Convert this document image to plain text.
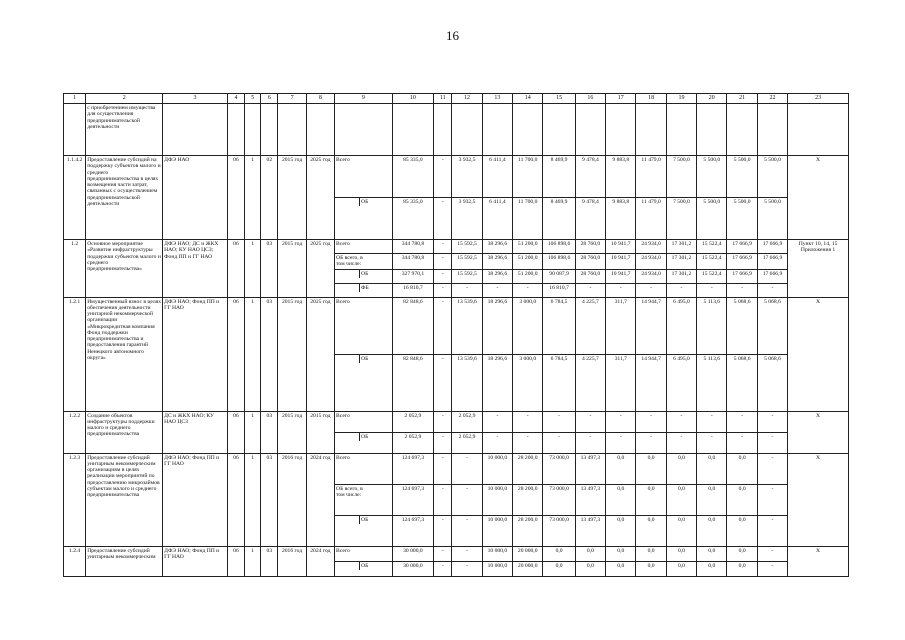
16
1	2	3	4	5	6	7	8	9	10	11	12	13	14	15	16	17	18	19	20	21	22	23
	с приобретением имущества для осуществления предпринимательской деятельности							

1.1.4.2	Предоставление субсидий на поддержку субъектов малого и среднего предпринимательства в целях возмещения части затрат, связанных с осуществлением предпринимательской деятельности	ДФЭ НАО	06	1	02	2015 год	2025 год	Всего	85 335,0	-	3 932,5	6 411,4	11 700,0	8 469,9	9 478,4	9 883,8	11 479,0	7 500,0	5 500,0	5 500,0	5 500,0	X

								ОБ	85 335,0	-	3 932,5	6 411,4	11 700,0	8 469,9	9 478,4	9 883,8	11 479,0	7 500,0	5 500,0	5 500,0	5 500,0	
1.2	Основное мероприятие «Развитие инфраструктуры поддержки субъектов малого и среднего предпринимательства»	ДФЭ НАО; ДС и ЖКХ НАО; КУ НАО ЦСЗ; Фонд ПП и ГГ НАО	06	1	03	2015 год	2025 год	Всего	344 780,8	-	15 592,5	38 296,6	51 200,0	106 898,6	28 760,0	10 941,7	24 934,0	17 301,2	15 522,4	17 666,9	17 666,9	Пункт 10, 14, 15 Приложения 1

								ОБ всего, в том числе:	344 780,8	-	15 592,5	38 296,6	51 200,0	106 898,6	28 760,0	10 941,7	24 934,0	17 301,2	15 522,4	17 666,9	17 666,9	

								ОБ	327 970,1	-	15 592,5	38 296,6	51 200,0	90 087,9	28 760,0	10 941,7	24 934,0	17 301,2	15 522,4	17 666,9	17 666,9	

								ФБ	16 810,7	-	-	-	-	16 810,7	-	-	-	-	-	-	-	
1.2.1	Имущественный взнос в целях обеспечения деятельности унитарной некоммерческой организации «Микрокредитная компания Фонд поддержки предпринимательства и предоставления гарантий Ненецкого автономного округа»	ДФЭ НАО; Фонд ПП и ГГ НАО	06	1	03	2015 год	2025 год	Всего	82 848,6	-	13 539,6	18 296,6	3 000,0	6 784,5	4 225,7	311,7	14 944,7	6 495,0	5 113,6	5 068,6	5 068,6	X

								ОБ	82 848,6	-	13 539,6	18 296,6	3 000,0	6 784,5	4 225,7	311,7	14 944,7	6 495,0	5 113,6	5 068,6	5 068,6	
1.2.2	Создание объектов инфраструктуры поддержки малого и среднего предпринимательства	ДС и ЖКХ НАО; КУ НАО ЦСЗ	06	1	03	2015 год	2015 год	Всего	2 052,9	-	2 052,9	-	-	-	-	-	-	-	-	-	-	X

								ОБ	2 052,9	-	2 052,9	-	-	-	-	-	-	-	-	-	-	
1.2.3	Предоставление субсидий унитарным некоммерческим организациям в целях реализации мероприятий по предоставлению микрозаймов субъектам малого и среднего предпринимательства	ДФЭ НАО; Фонд ПП и ГГ НАО	06	1	03	2016 год	2024 год	Всего	124 697,3	-	-	10 000,0	28 200,0	73 000,0	13 497,3	0,0	0,0	0,0	0,0	0,0	-	X

								ОБ всего, в том числе:	124 697,3	-	-	10 000,0	28 200,0	73 000,0	13 497,3	0,0	0,0	0,0	0,0	0,0	-	

								ОБ	124 697,3	-	-	10 000,0	28 200,0	73 000,0	13 497,3	0,0	0,0	0,0	0,0	0,0	-	
1.2.4	Предоставление субсидий унитарным некоммерческим	ДФЭ НАО; Фонд ПП и ГГ НАО	06	1	03	2016 год	2024 год	Всего	30 000,0	-	-	10 000,0	20 000,0	0,0	0,0	0,0	0,0	0,0	0,0	0,0	-	X

								ОБ	30 000,0	-	-	10 000,0	20 000,0	0,0	0,0	0,0	0,0	0,0	0,0	0,0	-	
